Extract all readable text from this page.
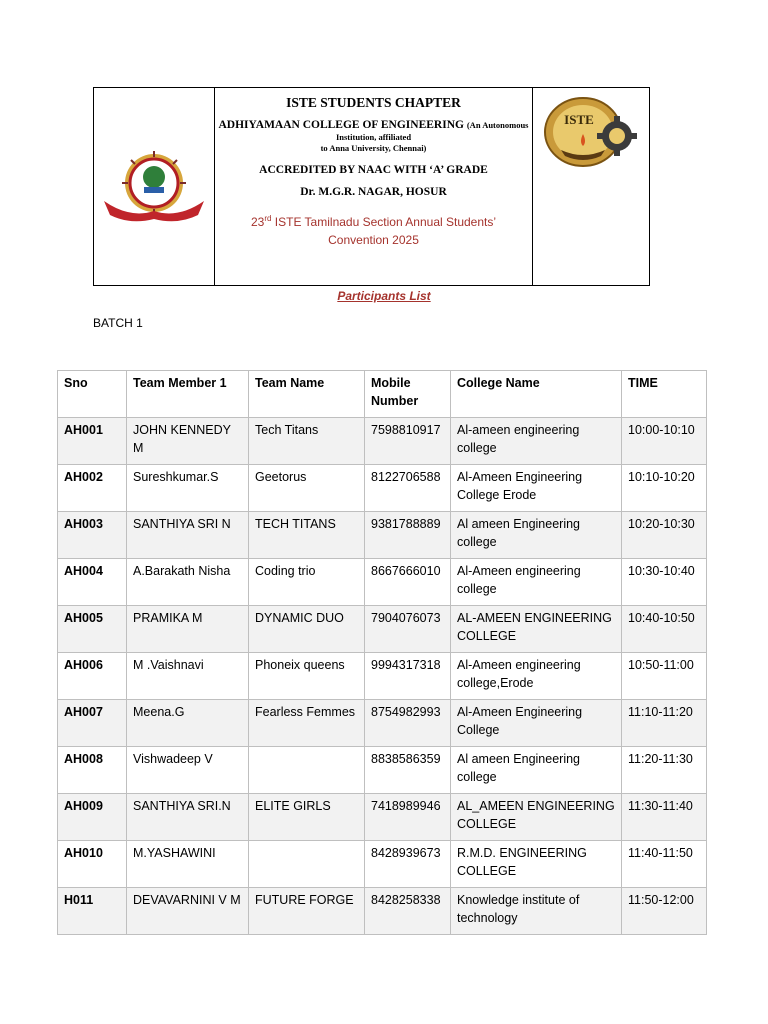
ISTE STUDENTS CHAPTER
ADHIYAMAAN COLLEGE OF ENGINEERING (An Autonomous Institution, affiliated
to Anna University, Chennai)
ACCREDITED BY NAAC WITH ‘A’ GRADE
Dr. M.G.R. NAGAR, HOSUR
23rd ISTE Tamilnadu Section Annual Students’
Convention 2025
ISTE
Participants List
BATCH 1
Sno	Team Member 1	Team Name	Mobile Number	College Name	TIME
AH001	JOHN KENNEDY M	Tech Titans	7598810917	Al-ameen engineering college	10:00-10:10
AH002	Sureshkumar.S	Geetorus	8122706588	Al-Ameen Engineering College Erode	10:10-10:20
AH003	SANTHIYA SRI N	TECH TITANS	9381788889	Al ameen Engineering college	10:20-10:30
AH004	A.Barakath Nisha	Coding trio	8667666010	Al-Ameen engineering college	10:30-10:40
AH005	PRAMIKA M	DYNAMIC DUO	7904076073	AL-AMEEN ENGINEERING COLLEGE	10:40-10:50
AH006	M .Vaishnavi	Phoneix queens	9994317318	Al-Ameen engineering college,Erode	10:50-11:00
AH007	Meena.G	Fearless Femmes	8754982993	Al-Ameen Engineering College	11:10-11:20
AH008	Vishwadeep V		8838586359	Al ameen Engineering college	11:20-11:30
AH009	SANTHIYA SRI.N	ELITE GIRLS	7418989946	AL_AMEEN ENGINEERING COLLEGE	11:30-11:40
AH010	M.YASHAWINI		8428939673	R.M.D. ENGINEERING COLLEGE	11:40-11:50
H011	DEVAVARNINI V M	FUTURE FORGE	8428258338	Knowledge institute of technology	11:50-12:00
